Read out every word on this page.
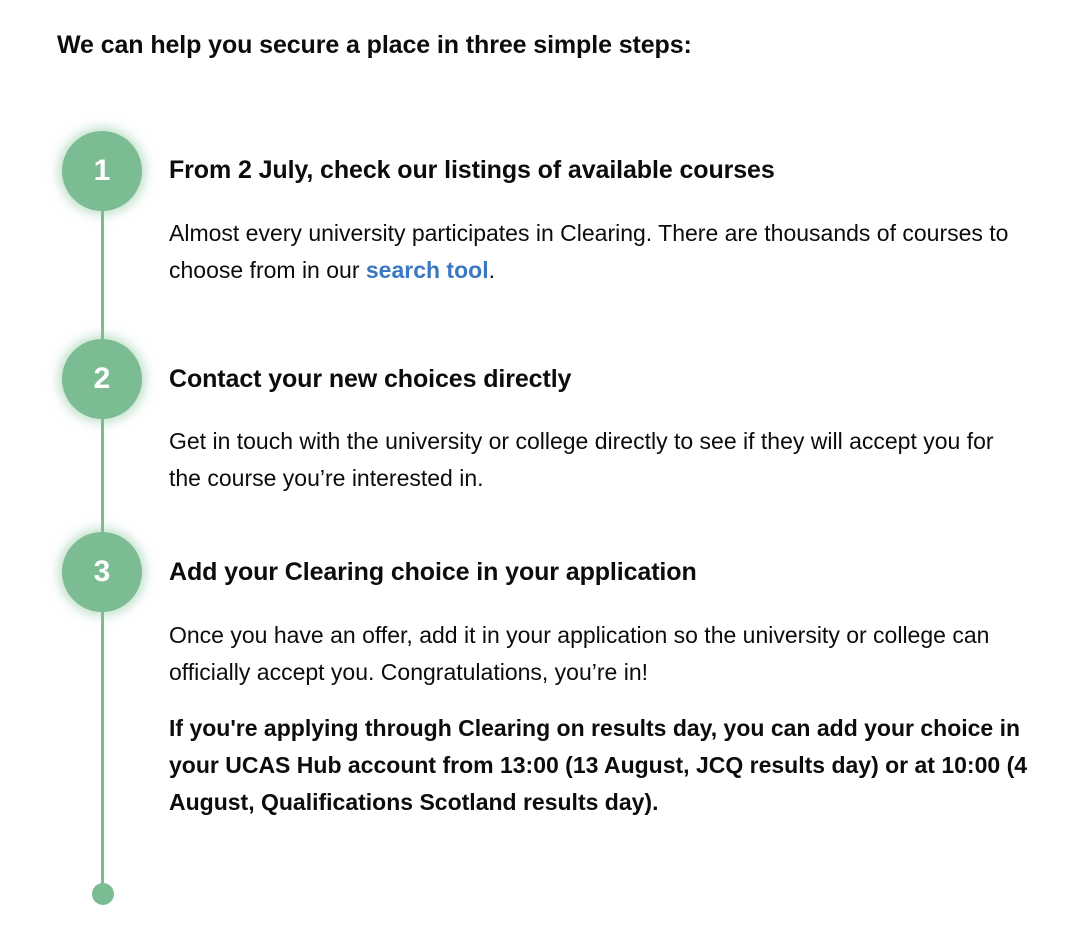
We can help you secure a place in three simple steps:
1	From 2 July, check our listings of available courses

Almost every university participates in Clearing. There are thousands of courses to choose from in our search tool.

2	Contact your new choices directly

Get in touch with the university or college directly to see if they will accept you for the course you’re interested in.

3	Add your Clearing choice in your application

Once you have an offer, add it in your application so the university or college can officially accept you. Congratulations, you’re in!

If you're applying through Clearing on results day, you can add your choice in your UCAS Hub account from 13:00 (13 August, JCQ results day) or at 10:00 (4 August, Qualifications Scotland results day).
